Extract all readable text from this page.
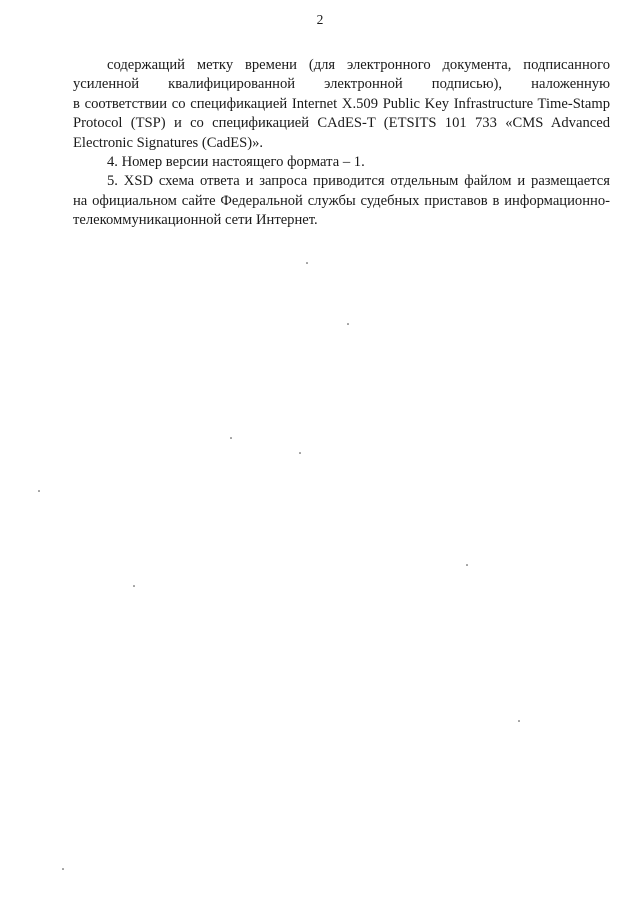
2

содержащий метку времени (для электронного документа, подписанного
усиленной квалифицированной электронной подписью), наложенную
в соответствии со спецификацией Internet X.509 Public Key Infrastructure Time-Stamp
Protocol (TSP) и со спецификацией CAdES-T (ETSITS 101 733 «CMS Advanced
Electronic Signatures (CadES)».

4. Номер версии настоящего формата – 1.

5. XSD схема ответа и запроса приводится отдельным файлом и размещается
на официальном сайте Федеральной службы судебных приставов в информационно-
телекоммуникационной сети Интернет.
